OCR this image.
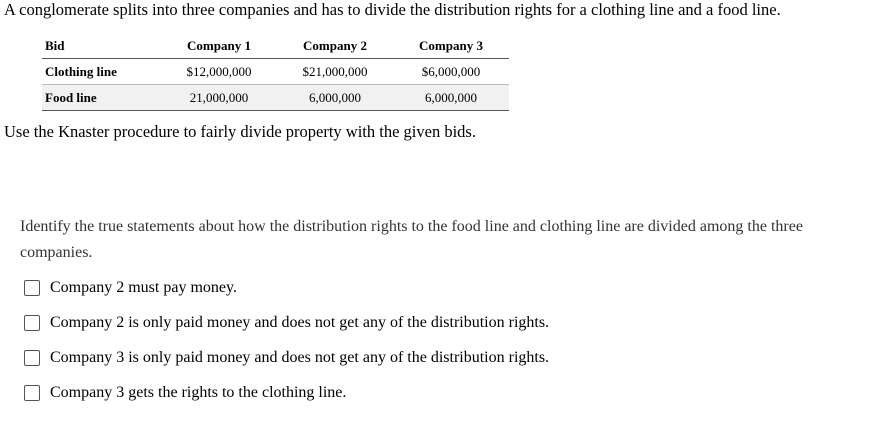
A conglomerate splits into three companies and has to divide the distribution rights for a clothing line and a food line.
Bid	Company 1	Company 2	Company 3
Clothing line	$12,000,000	$21,000,000	$6,000,000
Food line	21,000,000	6,000,000	6,000,000
Use the Knaster procedure to fairly divide property with the given bids.
Identify the true statements about how the distribution rights to the food line and clothing line are divided among the three companies.
Company 2 must pay money.
Company 2 is only paid money and does not get any of the distribution rights.
Company 3 is only paid money and does not get any of the distribution rights.
Company 3 gets the rights to the clothing line.
